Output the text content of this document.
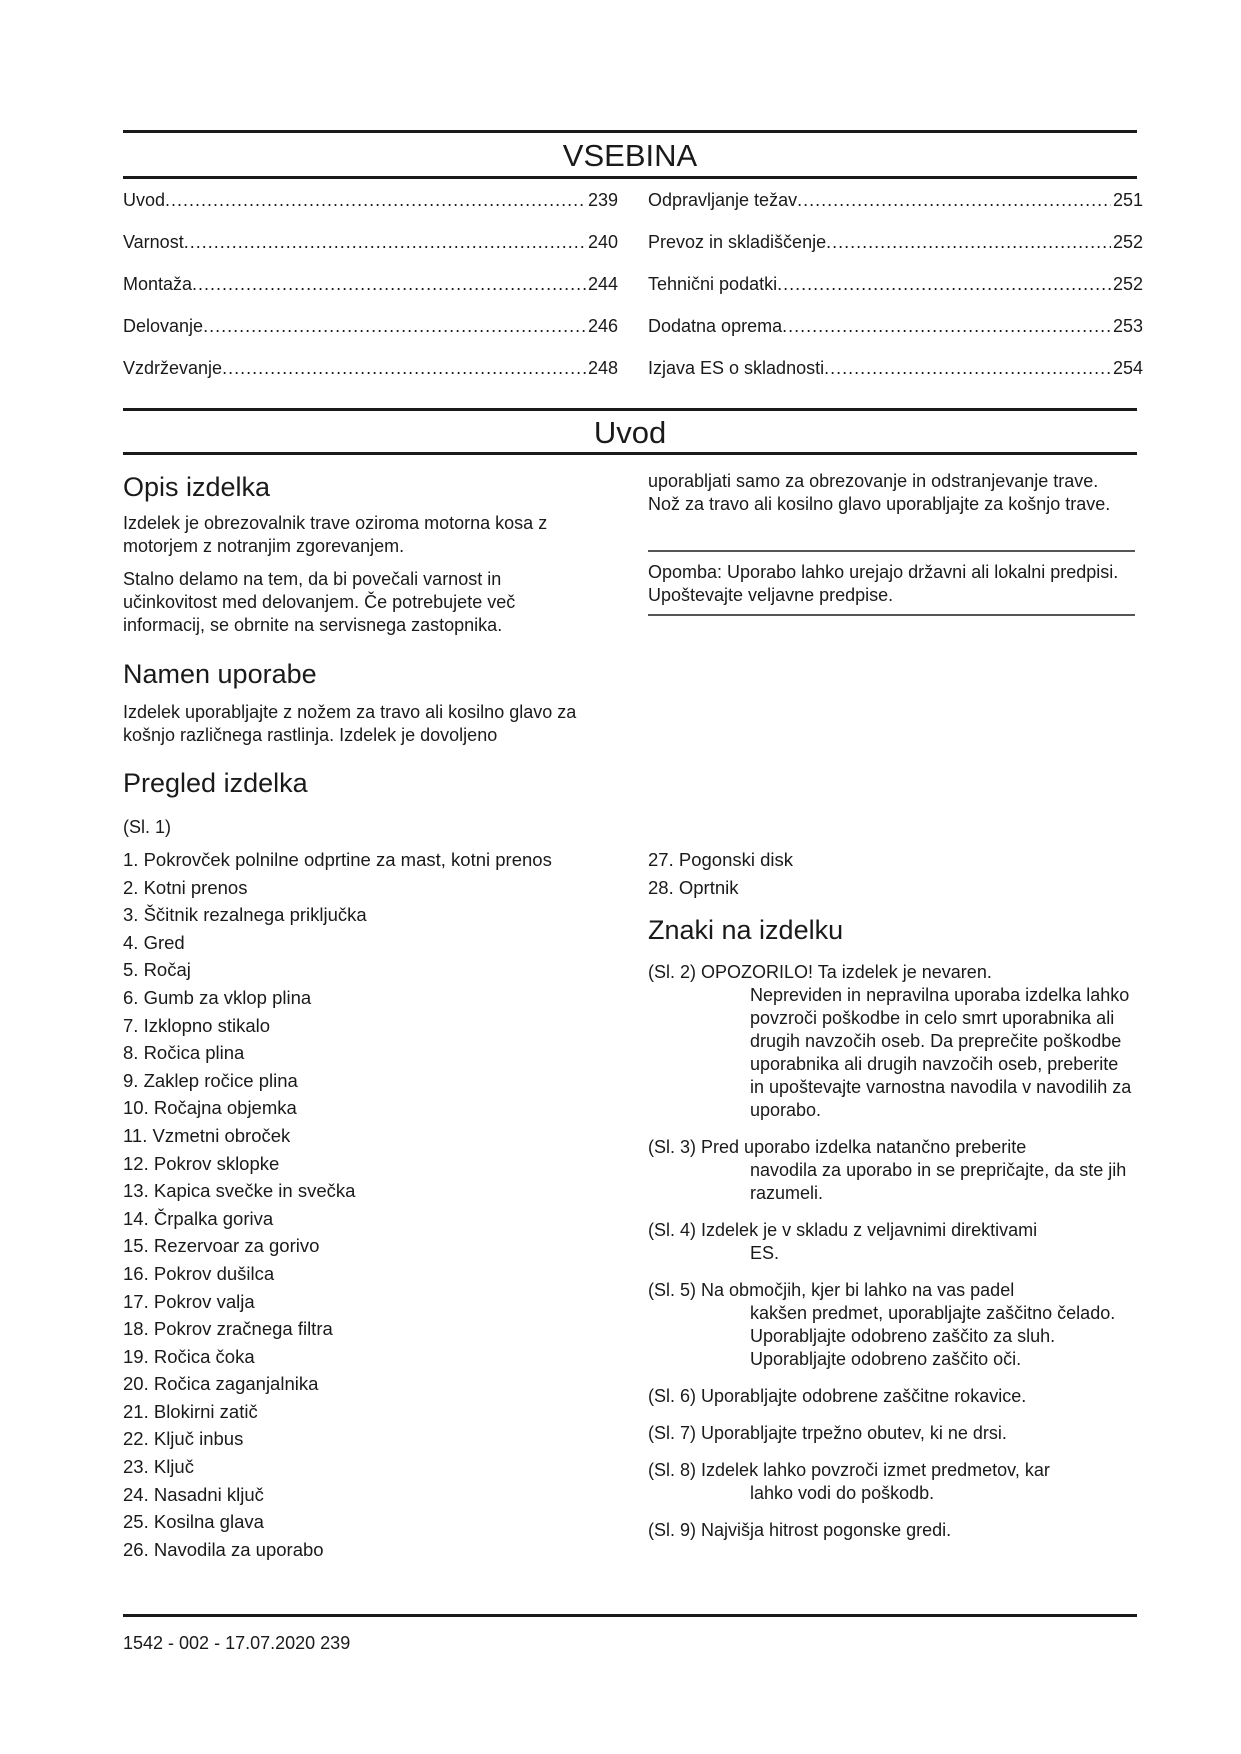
VSEBINA
Uvod .....	239
Varnost .....	240
Montaža .....	244
Delovanje .....	246
Vzdrževanje .....	248
Odpravljanje težav .....	251
Prevoz in skladiščenje .....	252
Tehnični podatki .....	252
Dodatna oprema .....	253
Izjava ES o skladnosti .....	254
Uvod
Opis izdelka

Izdelek je obrezovalnik trave oziroma motorna kosa z motorjem z notranjim zgorevanjem.

Stalno delamo na tem, da bi povečali varnost in učinkovitost med delovanjem. Če potrebujete več informacij, se obrnite na servisnega zastopnika.

Namen uporabe

Izdelek uporabljajte z nožem za travo ali kosilno glavo za košnjo različnega rastlinja. Izdelek je dovoljeno

uporabljati samo za obrezovanje in odstranjevanje trave. Nož za travo ali kosilno glavo uporabljajte za košnjo trave.

Opomba: Uporabo lahko urejajo državni ali lokalni predpisi. Upoštevajte veljavne predpise.

Pregled izdelka

(Sl. 1)

1. Pokrovček polnilne odprtine za mast, kotni prenos
2. Kotni prenos
3. Ščitnik rezalnega priključka
4. Gred
5. Ročaj
6. Gumb za vklop plina
7. Izklopno stikalo
8. Ročica plina
9. Zaklep ročice plina
10. Ročajna objemka
11. Vzmetni obroček
12. Pokrov sklopke
13. Kapica svečke in svečka
14. Črpalka goriva
15. Rezervoar za gorivo
16. Pokrov dušilca
17. Pokrov valja
18. Pokrov zračnega filtra
19. Ročica čoka
20. Ročica zaganjalnika
21. Blokirni zatič
22. Ključ inbus
23. Ključ
24. Nasadni ključ
25. Kosilna glava
26. Navodila za uporabo
27. Pogonski disk
28. Oprtnik
Znaki na izdelku
(Sl. 2) OPOZORILO! Ta izdelek je nevaren.
Nepreviden in nepravilna uporaba izdelka lahko povzroči poškodbe in celo smrt uporabnika ali drugih navzočih oseb. Da preprečite poškodbe uporabnika ali drugih navzočih oseb, preberite in upoštevajte varnostna navodila v navodilih za uporabo.
(Sl. 3) Pred uporabo izdelka natančno preberite
navodila za uporabo in se prepričajte, da ste jih razumeli.
(Sl. 4) Izdelek je v skladu z veljavnimi direktivami
ES.
(Sl. 5) Na območjih, kjer bi lahko na vas padel
kakšen predmet, uporabljajte zaščitno čelado. Uporabljajte odobreno zaščito za sluh. Uporabljajte odobreno zaščito oči.
(Sl. 6) Uporabljajte odobrene zaščitne rokavice.
(Sl. 7) Uporabljajte trpežno obutev, ki ne drsi.
(Sl. 8) Izdelek lahko povzroči izmet predmetov, kar
lahko vodi do poškodb.
(Sl. 9) Najvišja hitrost pogonske gredi.
1542 - 002 - 17.07.2020 239
